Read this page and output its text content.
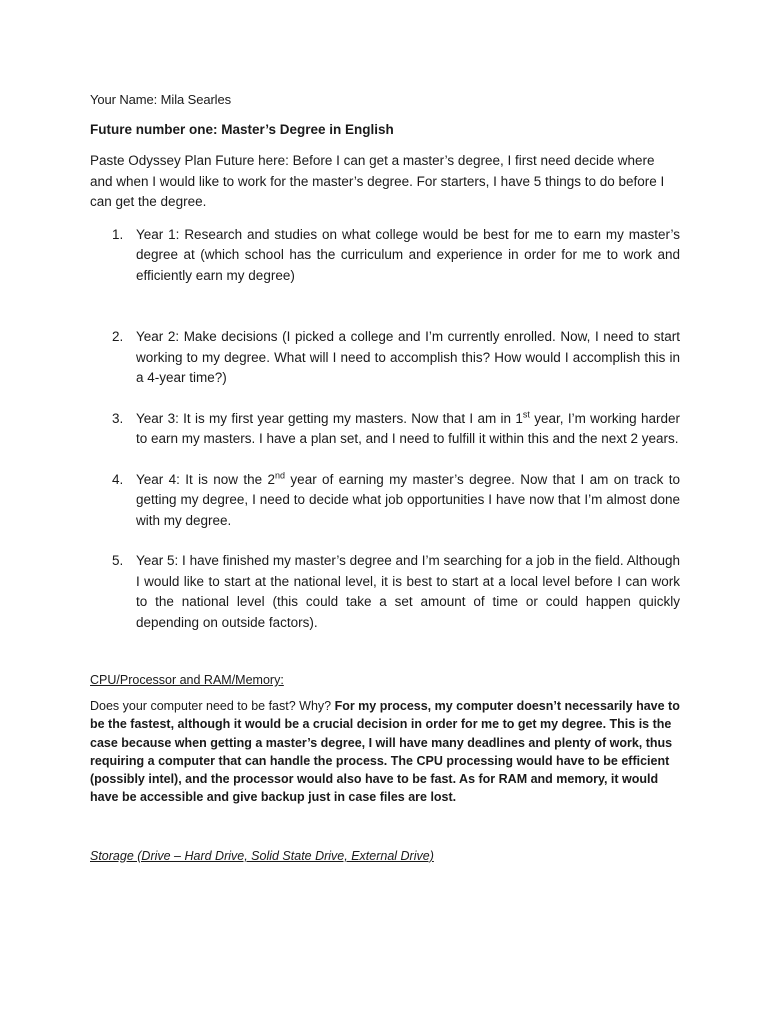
Your Name: Mila Searles

Future number one: Master’s Degree in English

Paste Odyssey Plan Future here: Before I can get a master’s degree, I first need decide where and when I would like to work for the master’s degree. For starters, I have 5 things to do before I can get the degree.

1. Year 1: Research and studies on what college would be best for me to earn my master’s degree at (which school has the curriculum and experience in order for me to work and efficiently earn my degree)
2. Year 2: Make decisions (I picked a college and I’m currently enrolled. Now, I need to start working to my degree. What will I need to accomplish this? How would I accomplish this in a 4-year time?)
3. Year 3: It is my first year getting my masters. Now that I am in 1st year, I’m working harder to earn my masters. I have a plan set, and I need to fulfill it within this and the next 2 years.
4. Year 4: It is now the 2nd year of earning my master’s degree. Now that I am on track to getting my degree, I need to decide what job opportunities I have now that I’m almost done with my degree.
5. Year 5: I have finished my master’s degree and I’m searching for a job in the field. Although I would like to start at the national level, it is best to start at a local level before I can work to the national level (this could take a set amount of time or could happen quickly depending on outside factors).

CPU/Processor and RAM/Memory:

Does your computer need to be fast? Why? For my process, my computer doesn’t necessarily have to be the fastest, although it would be a crucial decision in order for me to get my degree. This is the case because when getting a master’s degree, I will have many deadlines and plenty of work, thus requiring a computer that can handle the process. The CPU processing would have to be efficient (possibly intel), and the processor would also have to be fast. As for RAM and memory, it would have be accessible and give backup just in case files are lost.

Storage (Drive – Hard Drive, Solid State Drive, External Drive)
